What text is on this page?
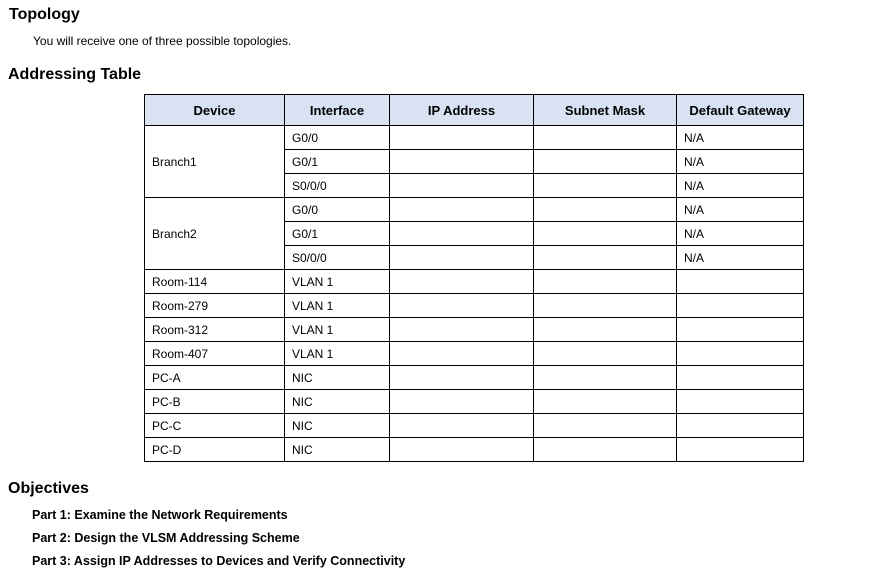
Topology

You will receive one of three possible topologies.

Addressing Table
Device	Interface	IP Address	Subnet Mask	Default Gateway
Branch1	G0/0			N/A
	G0/1			N/A
	S0/0/0			N/A
Branch2	G0/0			N/A
	G0/1			N/A
	S0/0/0			N/A
Room-114	VLAN 1			
Room-279	VLAN 1			
Room-312	VLAN 1			
Room-407	VLAN 1			
PC-A	NIC			
PC-B	NIC			
PC-C	NIC			
PC-D	NIC			
Objectives
Part 1: Examine the Network Requirements
Part 2: Design the VLSM Addressing Scheme
Part 3: Assign IP Addresses to Devices and Verify Connectivity
